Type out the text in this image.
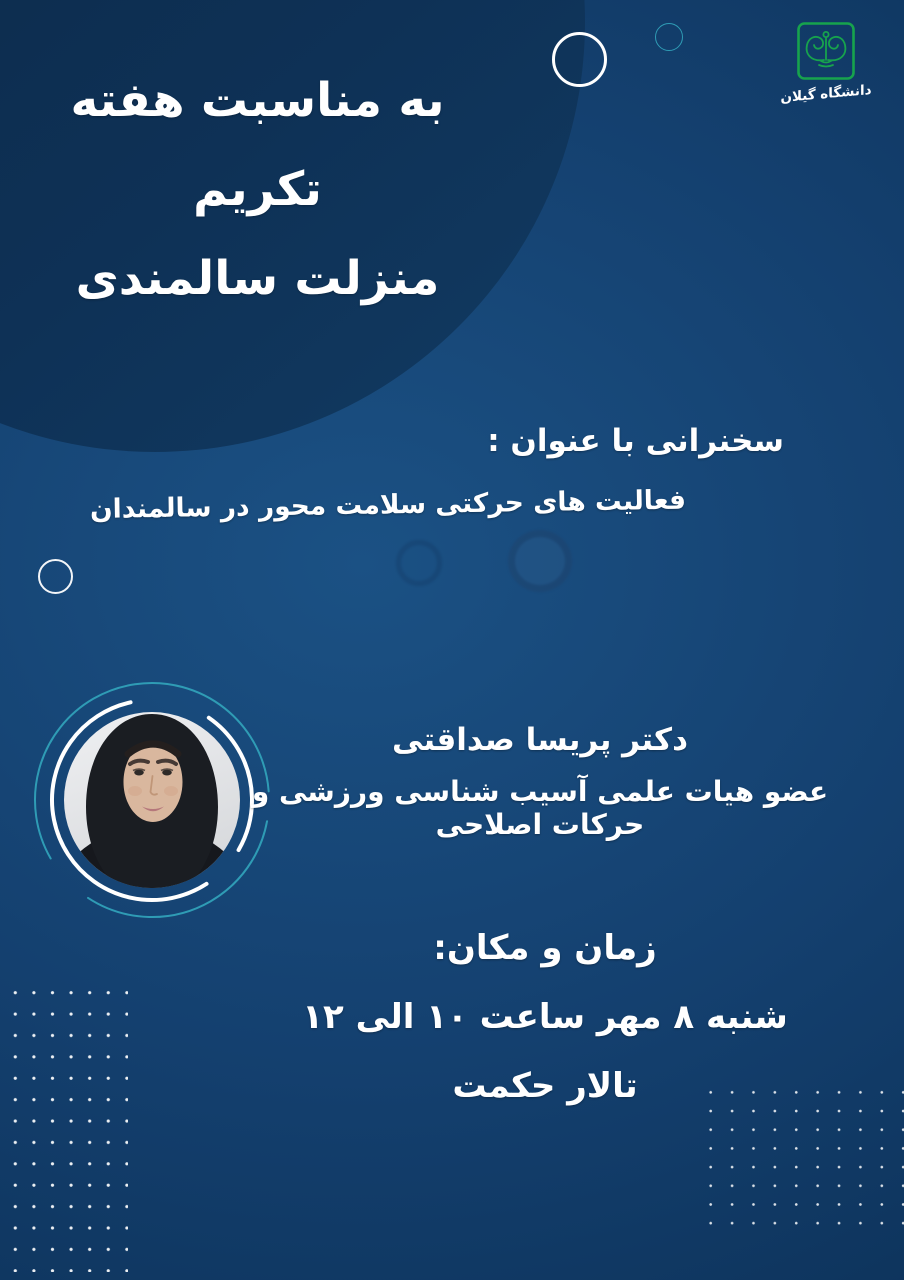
به مناسبت هفته تکریم
منزلت سالمندی
دانشگاه گیلان
سخنرانی با عنوان :
فعالیت های حرکتی سلامت محور در سالمندان
دکتر پریسا صداقتی
عضو هیات علمی آسیب شناسی ورزشی و حرکات اصلاحی
زمان و مکان:
شنبه ۸ مهر ساعت ۱۰ الی ۱۲
تالار حکمت
